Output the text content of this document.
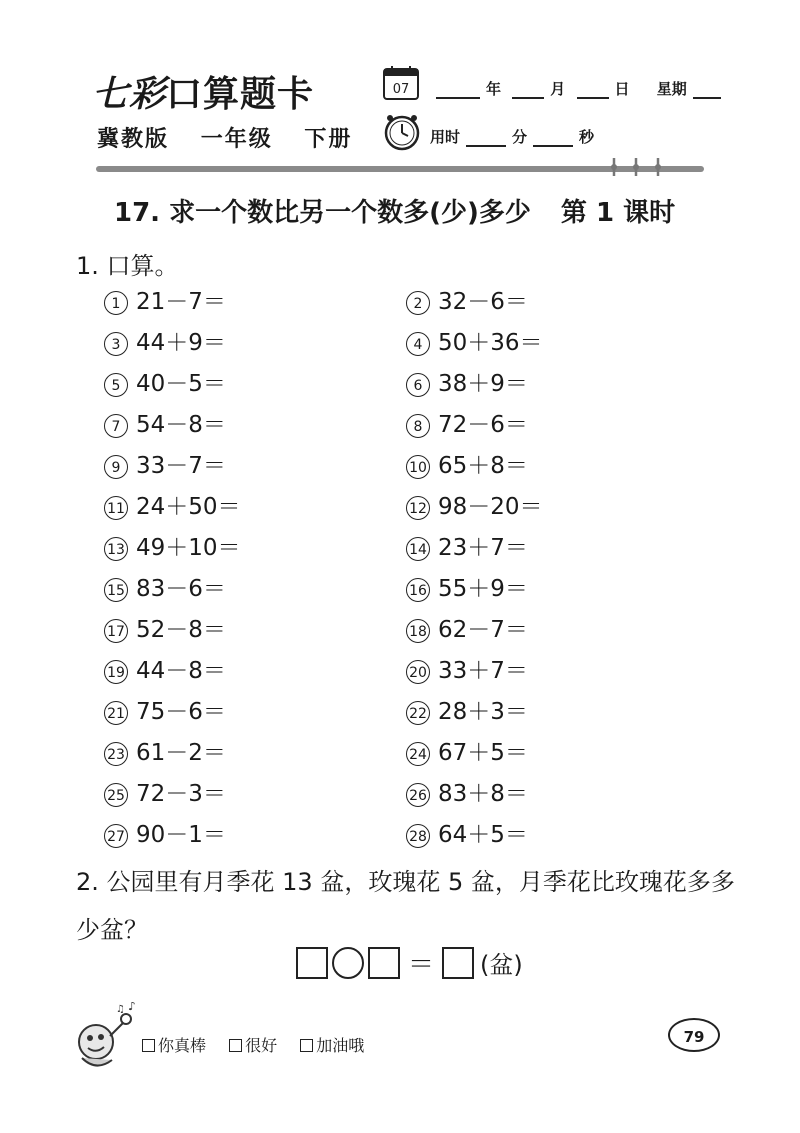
七彩口算题卡
冀教版 一年级 下册
07	年	月	日 星期
用时	分	秒
17. 求一个数比另一个数多(少)多少 第 1 课时
1. 口算。
1 21－7＝	2 32－6＝
3 44＋9＝	4 50＋36＝
5 40－5＝	6 38＋9＝
7 54－8＝	8 72－6＝
9 33－7＝	10 65＋8＝
11 24＋50＝	12 98－20＝
13 49＋10＝	14 23＋7＝
15 83－6＝	16 55＋9＝
17 52－8＝	18 62－7＝
19 44－8＝	20 33＋7＝
21 75－6＝	22 28＋3＝
23 61－2＝	24 67＋5＝
25 72－3＝	26 83＋8＝
27 90－1＝	28 64＋5＝
2. 公园里有月季花 13 盆，玫瑰花 5 盆，月季花比玫瑰花多多少盆？
＝ (盆)
♪
♫
你真棒 很好 加油哦	79
